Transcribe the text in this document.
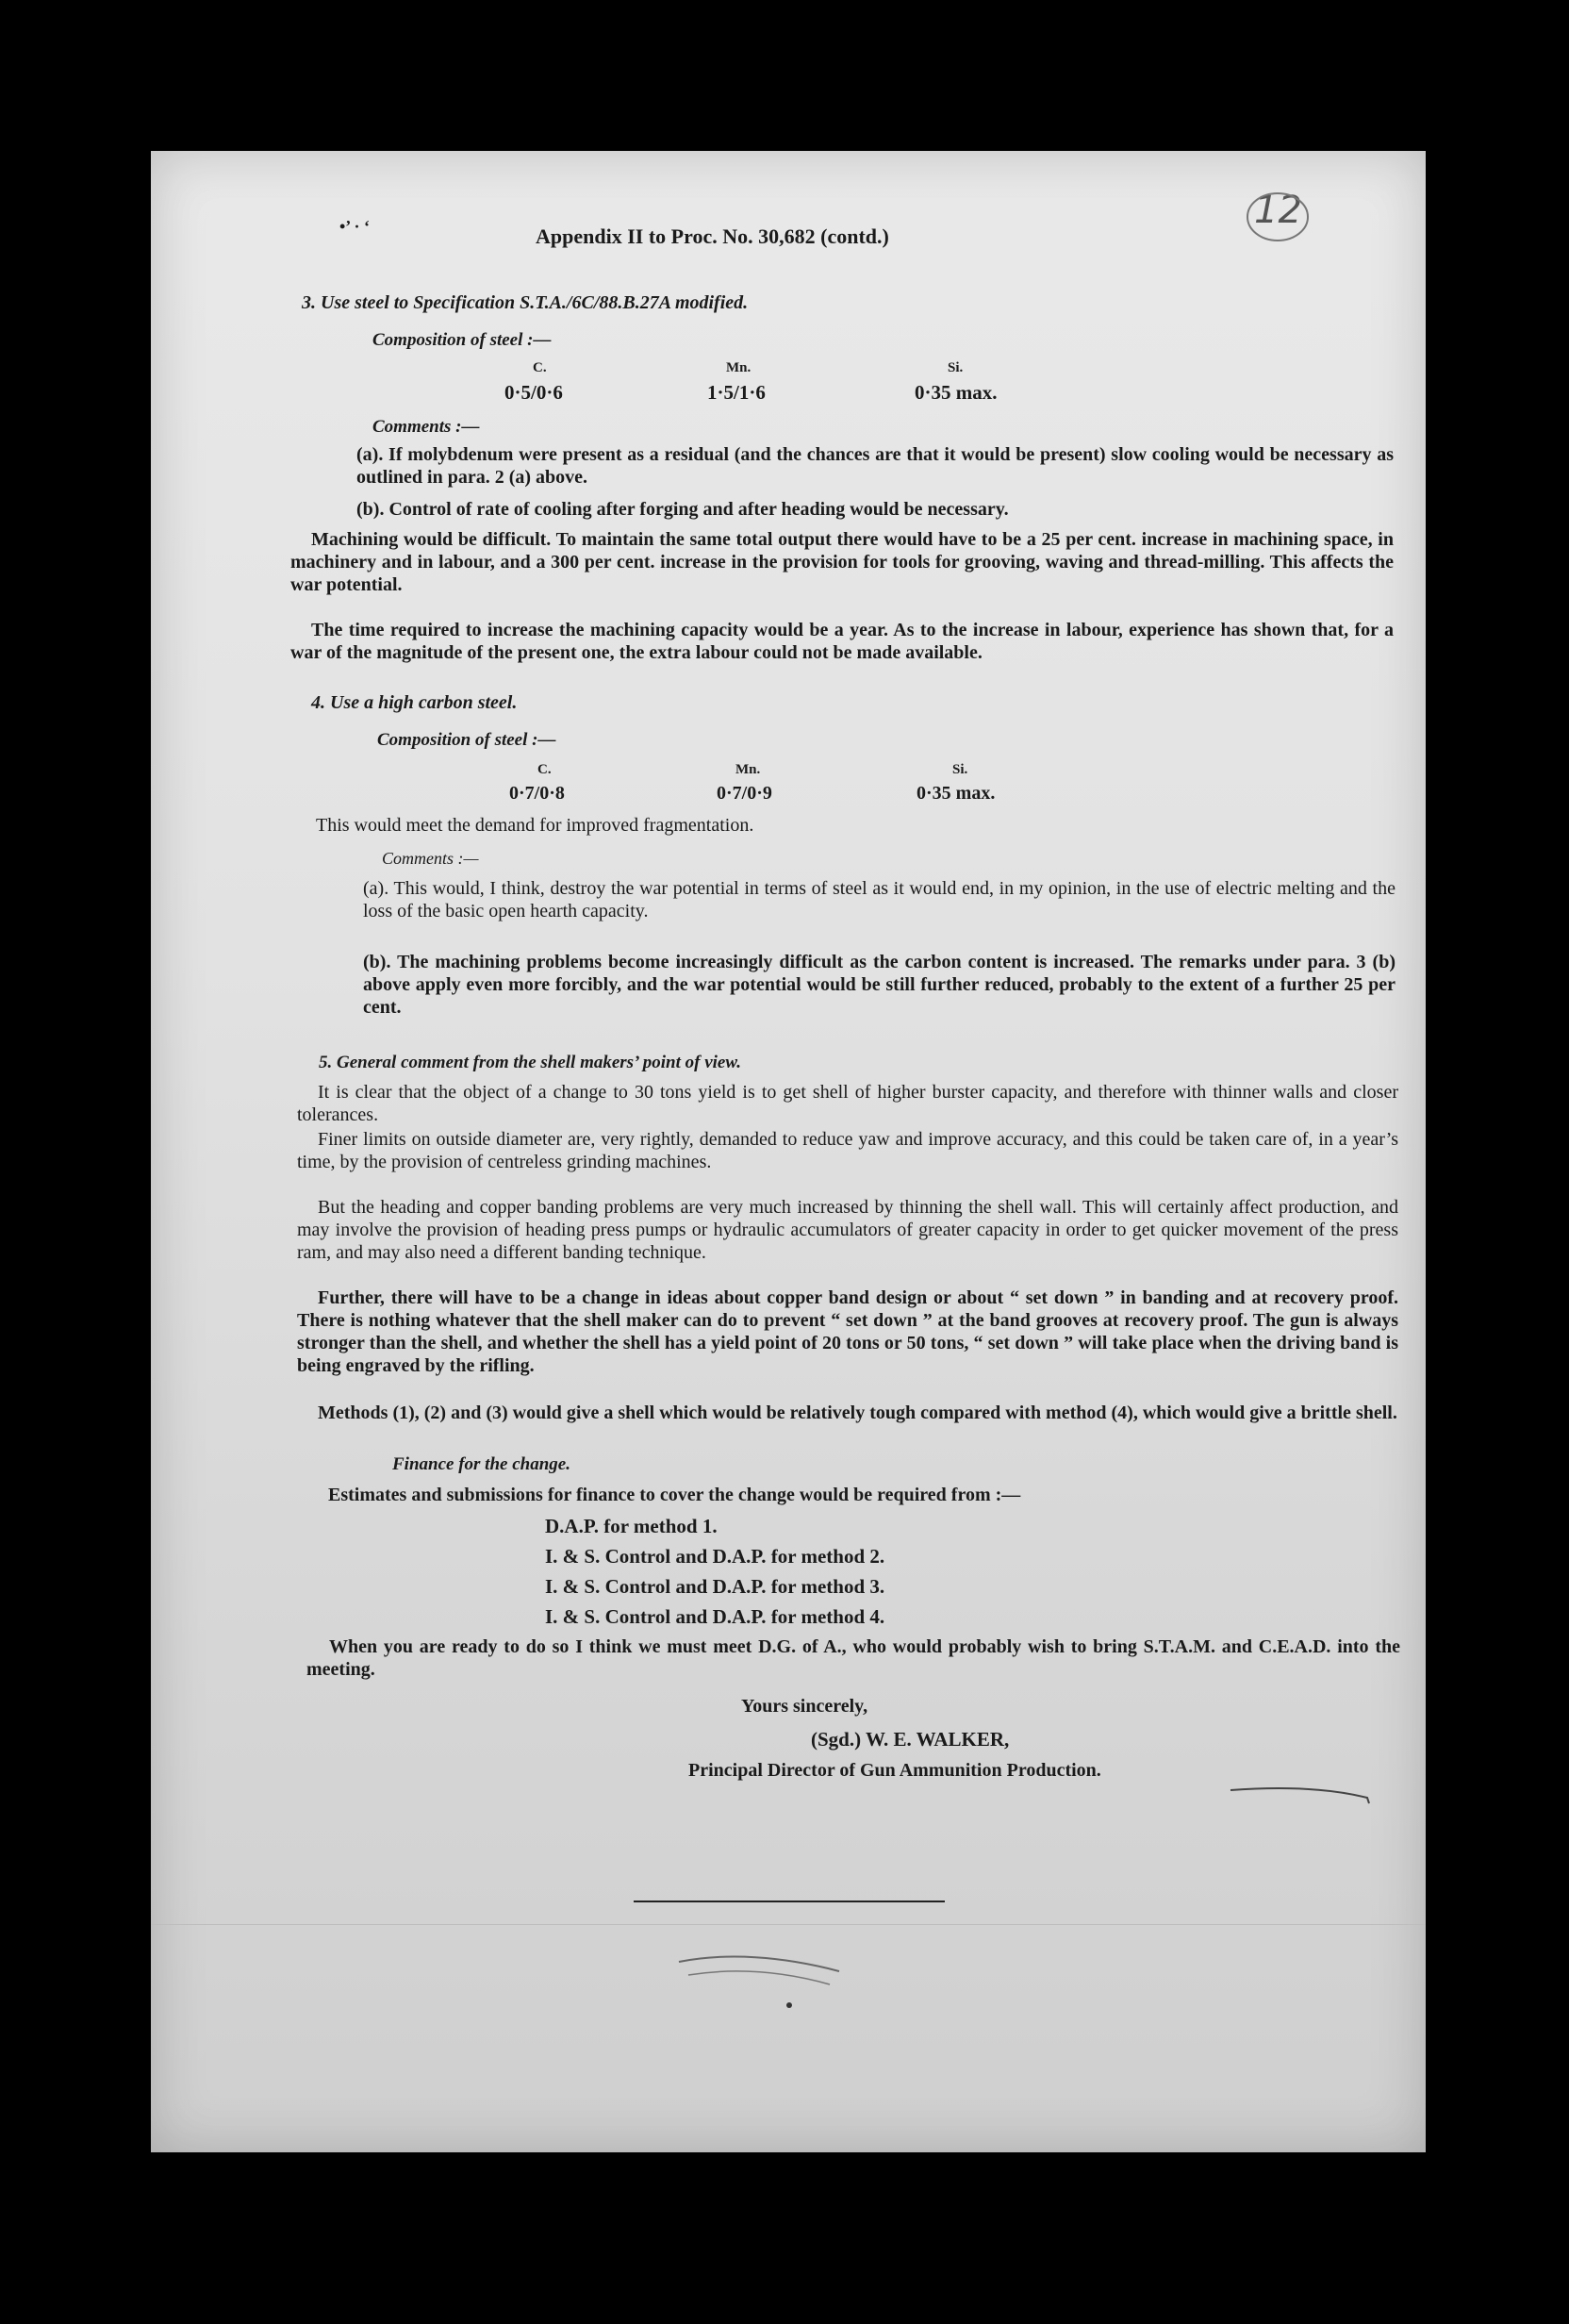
•’ · ‘	12
Appendix II to Proc. No. 30,682 (contd.)
3. Use steel to Specification S.T.A./6C/88.B.27A modified.
Composition of steel :—
C.	Mn.	Si.
0·5/0·6	1·5/1·6	0·35 max.
Comments :—
(a). If molybdenum were present as a residual (and the chances are that it would be present) slow cooling would be necessary as outlined in para. 2 (a) above.
(b). Control of rate of cooling after forging and after heading would be necessary.
Machining would be difficult. To maintain the same total output there would have to be a 25 per cent. increase in machining space, in machinery and in labour, and a 300 per cent. increase in the provision for tools for grooving, waving and thread-milling. This affects the war potential.
The time required to increase the machining capacity would be a year. As to the increase in labour, experience has shown that, for a war of the magnitude of the present one, the extra labour could not be made available.
4. Use a high carbon steel.
Composition of steel :—
C.	Mn.	Si.
0·7/0·8	0·7/0·9	0·35 max.
This would meet the demand for improved fragmentation.
Comments :—
(a). This would, I think, destroy the war potential in terms of steel as it would end, in my opinion, in the use of electric melting and the loss of the basic open hearth capacity.
(b). The machining problems become increasingly difficult as the carbon content is increased. The remarks under para. 3 (b) above apply even more forcibly, and the war potential would be still further reduced, probably to the extent of a further 25 per cent.
5. General comment from the shell makers’ point of view.
It is clear that the object of a change to 30 tons yield is to get shell of higher burster capacity, and therefore with thinner walls and closer tolerances.
Finer limits on outside diameter are, very rightly, demanded to reduce yaw and improve accuracy, and this could be taken care of, in a year’s time, by the provision of centreless grinding machines.
But the heading and copper banding problems are very much increased by thinning the shell wall. This will certainly affect production, and may involve the provision of heading press pumps or hydraulic accumulators of greater capacity in order to get quicker movement of the press ram, and may also need a different banding technique.
Further, there will have to be a change in ideas about copper band design or about “ set down ” in banding and at recovery proof. There is nothing whatever that the shell maker can do to prevent “ set down ” at the band grooves at recovery proof. The gun is always stronger than the shell, and whether the shell has a yield point of 20 tons or 50 tons, “ set down ” will take place when the driving band is being engraved by the rifling.
Methods (1), (2) and (3) would give a shell which would be relatively tough compared with method (4), which would give a brittle shell.
Finance for the change.
Estimates and submissions for finance to cover the change would be required from :—
D.A.P. for method 1.
I. & S. Control and D.A.P. for method 2.
I. & S. Control and D.A.P. for method 3.
I. & S. Control and D.A.P. for method 4.
When you are ready to do so I think we must meet D.G. of A., who would probably wish to bring S.T.A.M. and C.E.A.D. into the meeting.
Yours sincerely,
(Sgd.) W. E. WALKER,
Principal Director of Gun Ammunition Production.
